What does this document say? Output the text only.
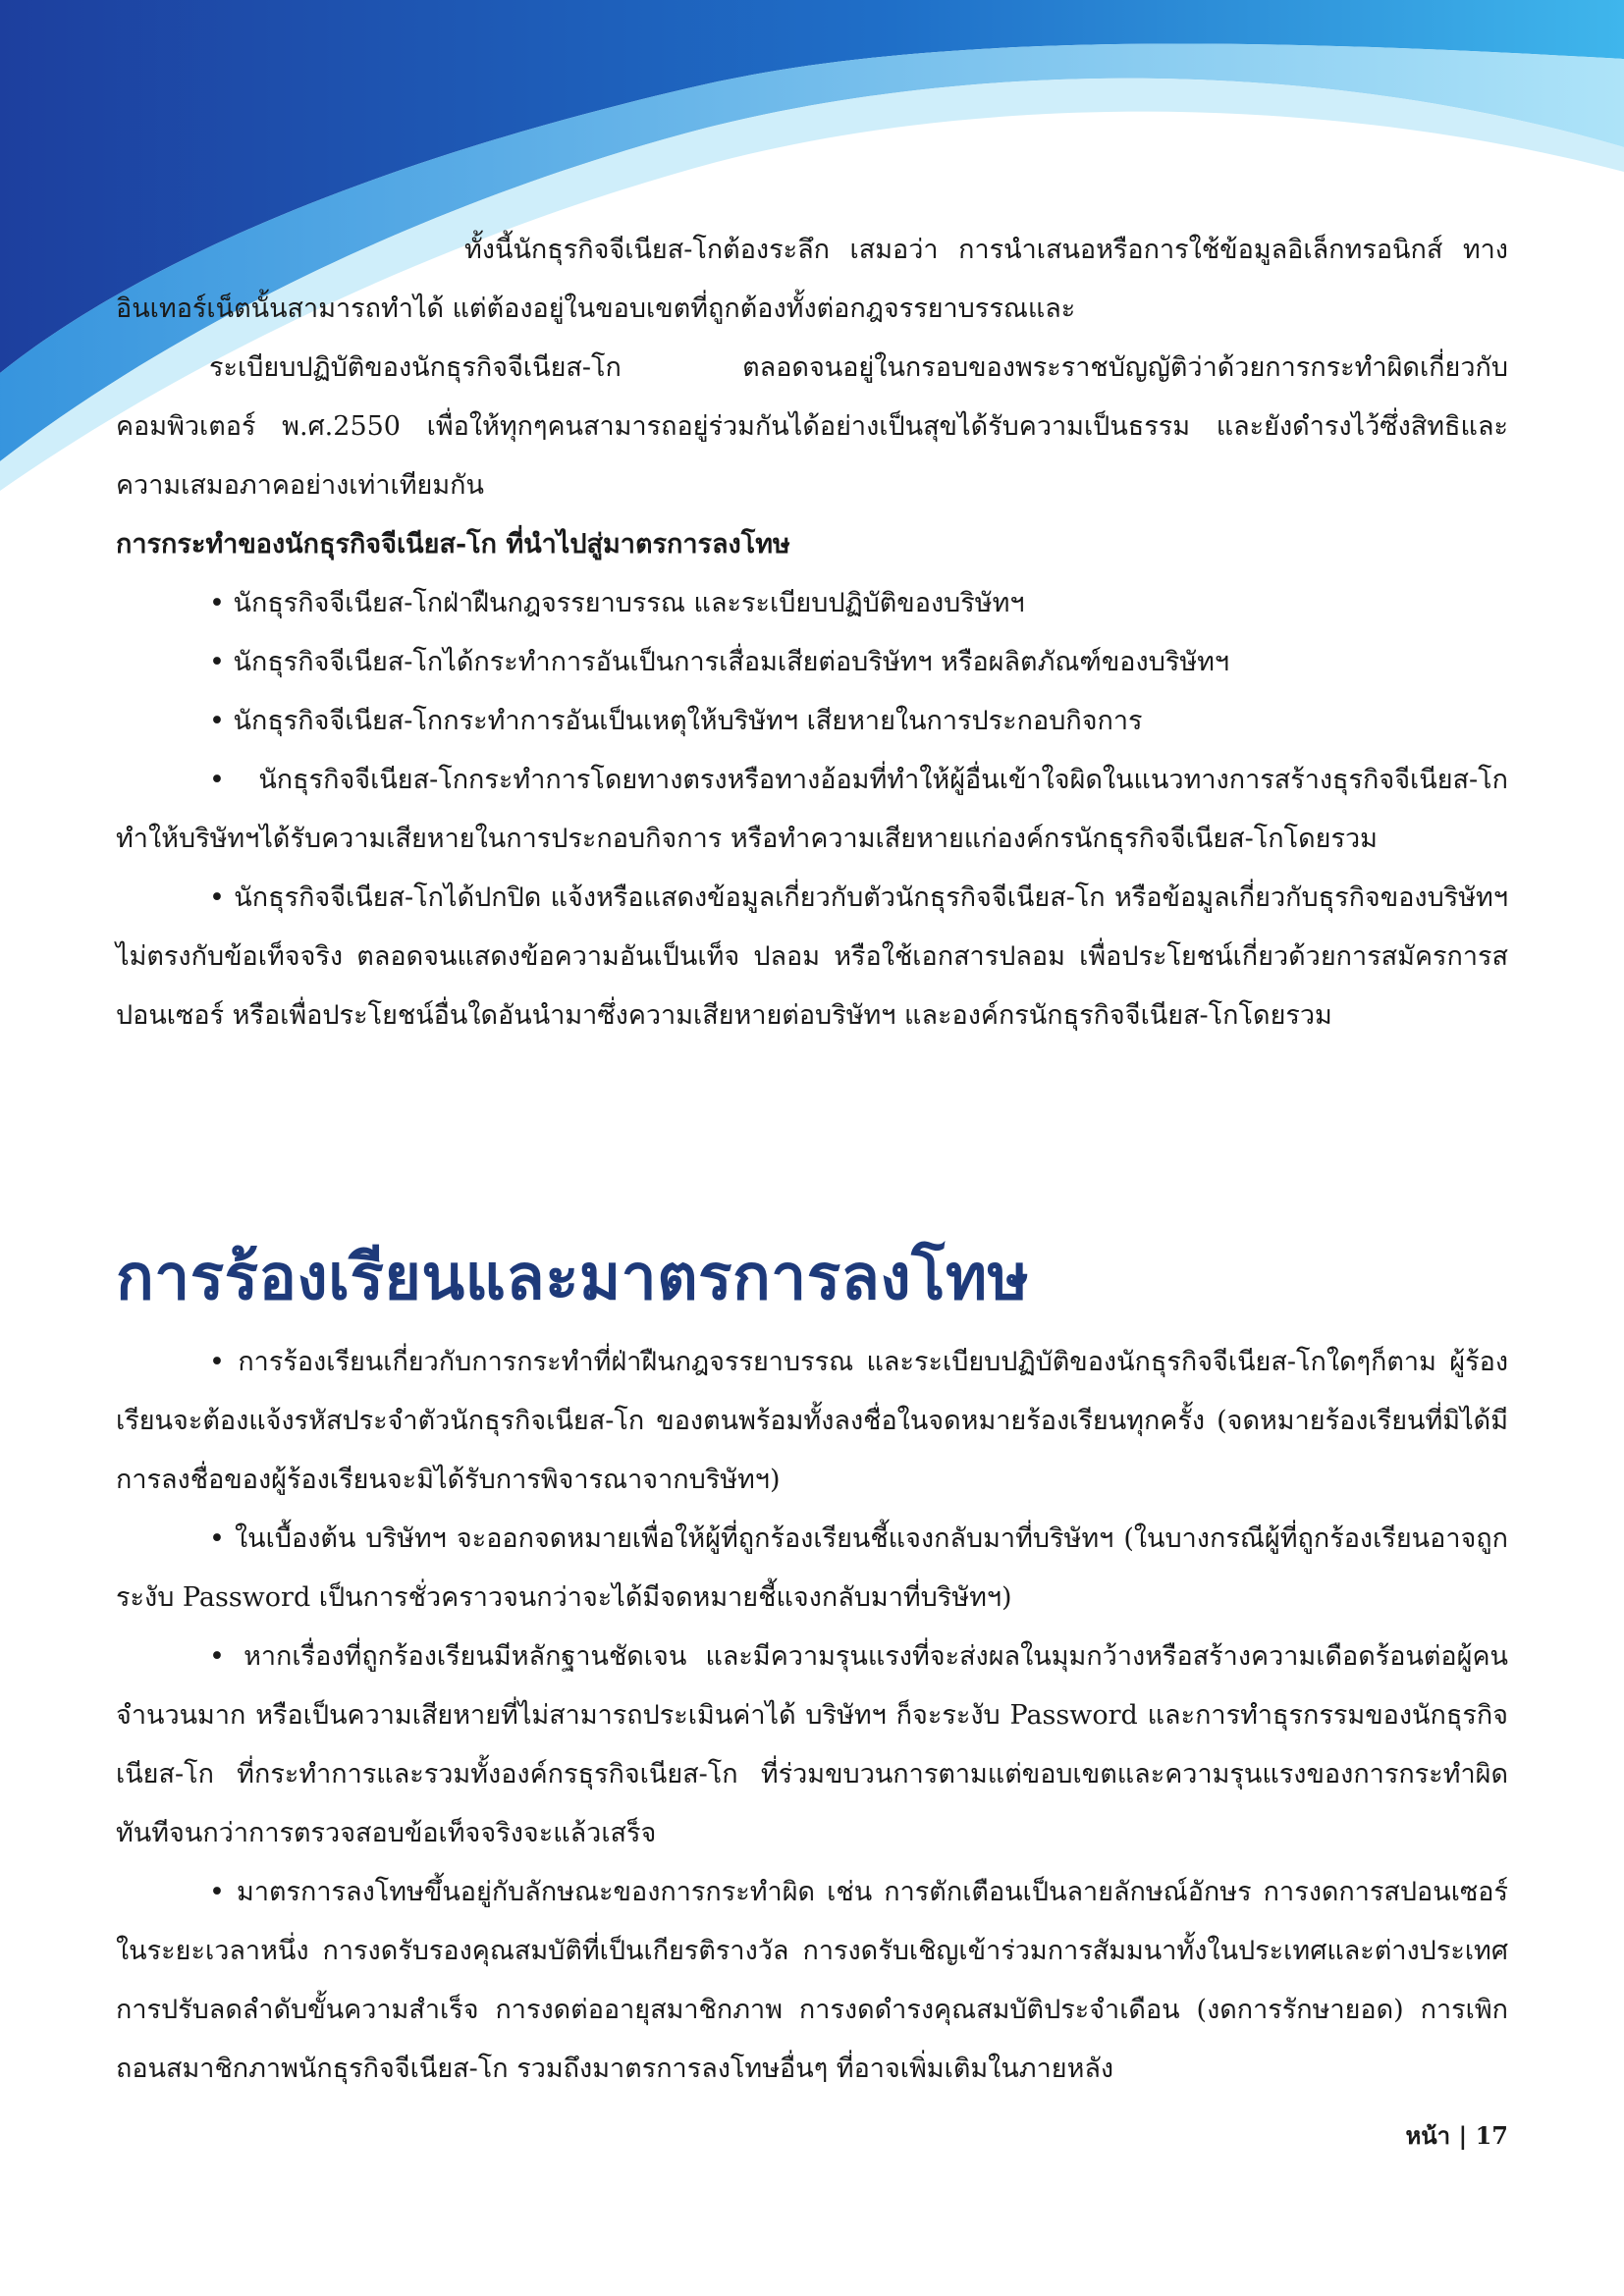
ทั้งนี้นักธุรกิจจีเนียส-โกต้องระลึก เสมอว่า การนำเสนอหรือการใช้ข้อมูลอิเล็กทรอนิกส์ ทางอินเทอร์เน็ตนั้นสามารถทำได้ แต่ต้องอยู่ในขอบเขตที่ถูกต้องทั้งต่อกฎจรรยาบรรณและ

ระเบียบปฏิบัติของนักธุรกิจจีเนียส-โก ตลอดจนอยู่ในกรอบของพระราชบัญญัติว่าด้วยการกระทำผิดเกี่ยวกับคอมพิวเตอร์ พ.ศ.2550 เพื่อให้ทุกๆคนสามารถอยู่ร่วมกันได้อย่างเป็นสุขได้รับความเป็นธรรม และยังดำรงไว้ซึ่งสิทธิและความเสมอภาคอย่างเท่าเทียมกัน

การกระทำของนักธุรกิจจีเนียส-โก ที่นำไปสู่มาตรการลงโทษ

• นักธุรกิจจีเนียส-โกฝ่าฝืนกฎจรรยาบรรณ และระเบียบปฏิบัติของบริษัทฯ

• นักธุรกิจจีเนียส-โกได้กระทำการอันเป็นการเสื่อมเสียต่อบริษัทฯ หรือผลิตภัณฑ์ของบริษัทฯ

• นักธุรกิจจีเนียส-โกกระทำการอันเป็นเหตุให้บริษัทฯ เสียหายในการประกอบกิจการ

• นักธุรกิจจีเนียส-โกกระทำการโดยทางตรงหรือทางอ้อมที่ทำให้ผู้อื่นเข้าใจผิดในแนวทางการสร้างธุรกิจจีเนียส-โก ทำให้บริษัทฯได้รับความเสียหายในการประกอบกิจการ หรือทำความเสียหายแก่องค์กรนักธุรกิจจีเนียส-โกโดยรวม

• นักธุรกิจจีเนียส-โกได้ปกปิด แจ้งหรือแสดงข้อมูลเกี่ยวกับตัวนักธุรกิจจีเนียส-โก หรือข้อมูลเกี่ยวกับธุรกิจของบริษัทฯ ไม่ตรงกับข้อเท็จจริง ตลอดจนแสดงข้อความอันเป็นเท็จ ปลอม หรือใช้เอกสารปลอม เพื่อประโยชน์เกี่ยวด้วยการสมัครการสปอนเซอร์ หรือเพื่อประโยชน์อื่นใดอันนำมาซึ่งความเสียหายต่อบริษัทฯ และองค์กรนักธุรกิจจีเนียส-โกโดยรวม

การร้องเรียนและมาตรการลงโทษ

• การร้องเรียนเกี่ยวกับการกระทำที่ฝ่าฝืนกฎจรรยาบรรณ และระเบียบปฏิบัติของนักธุรกิจจีเนียส-โกใดๆก็ตาม ผู้ร้องเรียนจะต้องแจ้งรหัสประจำตัวนักธุรกิจเนียส-โก ของตนพร้อมทั้งลงชื่อในจดหมายร้องเรียนทุกครั้ง (จดหมายร้องเรียนที่มิได้มีการลงชื่อของผู้ร้องเรียนจะมิได้รับการพิจารณาจากบริษัทฯ)

• ในเบื้องต้น บริษัทฯ จะออกจดหมายเพื่อให้ผู้ที่ถูกร้องเรียนชี้แจงกลับมาที่บริษัทฯ (ในบางกรณีผู้ที่ถูกร้องเรียนอาจถูกระงับ Password เป็นการชั่วคราวจนกว่าจะได้มีจดหมายชี้แจงกลับมาที่บริษัทฯ)

• หากเรื่องที่ถูกร้องเรียนมีหลักฐานชัดเจน และมีความรุนแรงที่จะส่งผลในมุมกว้างหรือสร้างความเดือดร้อนต่อผู้คนจำนวนมาก หรือเป็นความเสียหายที่ไม่สามารถประเมินค่าได้ บริษัทฯ ก็จะระงับ Password และการทำธุรกรรมของนักธุรกิจเนียส-โก ที่กระทำการและรวมทั้งองค์กรธุรกิจเนียส-โก ที่ร่วมขบวนการตามแต่ขอบเขตและความรุนแรงของการกระทำผิดทันทีจนกว่าการตรวจสอบข้อเท็จจริงจะแล้วเสร็จ

• มาตรการลงโทษขึ้นอยู่กับลักษณะของการกระทำผิด เช่น การตักเตือนเป็นลายลักษณ์อักษร การงดการสปอนเซอร์ในระยะเวลาหนึ่ง การงดรับรองคุณสมบัติที่เป็นเกียรติรางวัล การงดรับเชิญเข้าร่วมการสัมมนาทั้งในประเทศและต่างประเทศ การปรับลดลำดับขั้นความสำเร็จ การงดต่ออายุสมาชิกภาพ การงดดำรงคุณสมบัติประจำเดือน (งดการรักษายอด) การเพิกถอนสมาชิกภาพนักธุรกิจจีเนียส-โก รวมถึงมาตรการลงโทษอื่นๆ ที่อาจเพิ่มเติมในภายหลัง

หน้า | 17
